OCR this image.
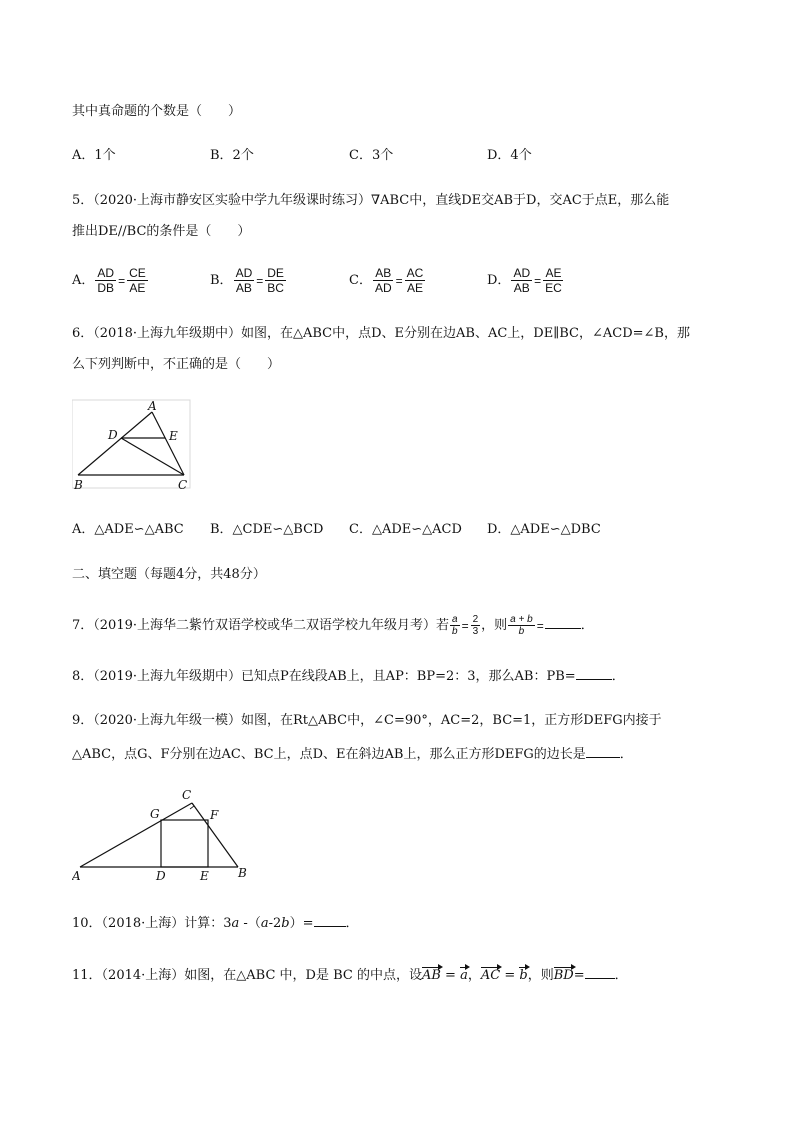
其中真命题的个数是（　　）
A．1个	B．2个	C．3个	D．4个
5．（2020·上海市静安区实验中学九年级课时练习）∇ABC中，直线DE交AB于D，交AC于点E，那么能
推出DE//BC的条件是（　　）
A． $\frac{AD}{DB} = \frac{CE}{AE}$	B． $\frac{AD}{AB} = \frac{DE}{BC}$	C． $\frac{AB}{AD} = \frac{AC}{AE}$	D． $\frac{AD}{AB} = \frac{AE}{EC}$
6．（2018·上海九年级期中）如图，在△ABC中，点D、E分别在边AB、AC上，DE∥BC，∠ACD=∠B，那
么下列判断中，不正确的是（　　）
A
D	E
B	C
A．△ADE∽△ABC B．△CDE∽△BCD C．△ADE∽△ACD D．△ADE∽△DBC
二、填空题（每题4分，共48分）
7．（2019·上海华二紫竹双语学校或华二双语学校九年级月考）若 $\frac{a}{b} = \frac{2}{3}$ ，则 $\frac{a + b}{b}$ =	．
8．（2019·上海九年级期中）已知点P在线段AB上，且AP：BP=2：3，那么AB：PB=	．
9．（2020·上海九年级一模）如图，在Rt△ABC中，∠C=90°，AC=2，BC=1，正方形DEFG内接于
△ABC，点G、F分别在边AC、BC上，点D、E在斜边AB上，那么正方形DEFG的边长是	．
C
G	F
A	D	E B
10．（2018·上海）计算：3a -（a-2b）= ．
11．（2014·上海）如图，在△ABC 中，D是 BC 的中点，设AB = a，AC = b，则BD= ．
